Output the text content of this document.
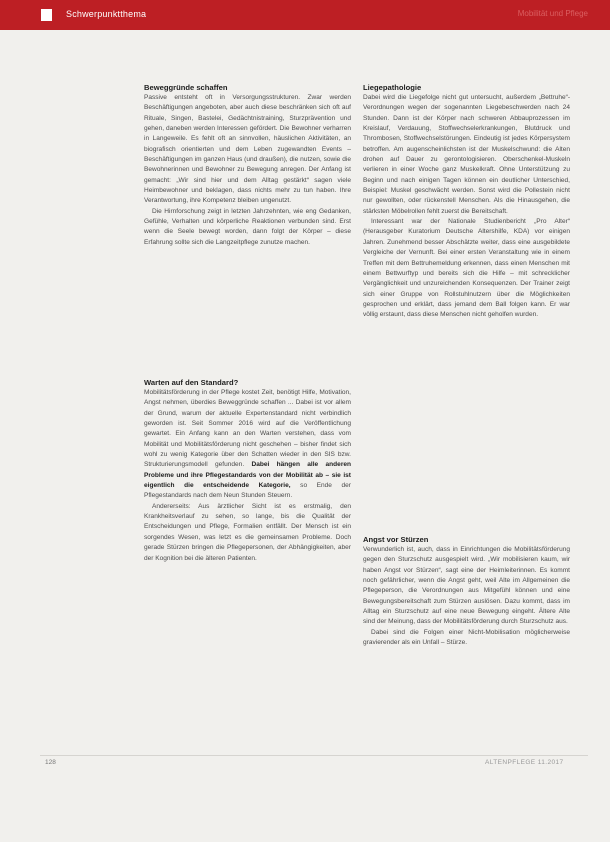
Schwerpunktthema	Mobilität und Pflege
Beweggründe schaffen

Passive entsteht oft in Versorgungsstrukturen. Zwar werden Beschäftigungen angeboten, aber auch diese beschränken sich oft auf Rituale, Singen, Bastelei, Gedächtnistraining, Sturzprävention und gehen, daneben werden Interessen gefördert. Die Bewohner verharren in Langeweile. Es fehlt oft an sinnvollen, häuslichen Aktivitäten, an biografisch orientierten und dem Leben zugewandten Events – Beschäftigungen im ganzen Haus (und draußen), die nutzen, sowie die Bewohnerinnen und Bewohner zu Bewegung anregen. Der Anfang ist gemacht: „Wir sind hier und dem Alltag gestärkt“ sagen viele Heimbewohner und beklagen, dass nichts mehr zu tun haben. Ihre Verantwortung, ihre Kompetenz bleiben ungenutzt.

Die Hirnforschung zeigt in letzten Jahrzehnten, wie eng Gedanken, Gefühle, Verhalten und körperliche Reaktionen verbunden sind. Erst wenn die Seele bewegt worden, dann folgt der Körper – diese Erfahrung sollte sich die Langzeitpflege zunutze machen.

Warten auf den Standard?

Mobilitätsförderung in der Pflege kostet Zeit, benötigt Hilfe, Motivation, Angst nehmen, überdies Beweggründe schaffen ... Dabei ist vor allem der Grund, warum der aktuelle Expertenstandard nicht verbindlich geworden ist. Seit Sommer 2016 wird auf die Veröffentlichung gewartet. Ein Anfang kann an den Warten verstehen, dass vom Mobilität und Mobilitätsförderung nicht geschehen – bisher findet sich wohl zu wenig Kategorie über den Schatten wieder in den SIS bzw. Strukturierungsmodell gefunden. Dabei hängen alle anderen Probleme und ihre Pflegestandards von der Mobilität ab – sie ist eigentlich die entscheidende Kategorie, so Ende der Pflegestandards nach dem Neun Stunden Steuern.

Andererseits: Aus ärztlicher Sicht ist es erstmalig, den Krankheitsverlauf zu sehen, so lange, bis die Qualität der Entscheidungen und Pflege, Formalien entfällt. Der Mensch ist ein sorgendes Wesen, was letzt es die gemeinsamen Probleme. Doch gerade Stürzen bringen die Pflegepersonen, der Abhängigkeiten, aber der Kognition bei die älteren Patienten.

Liegepathologie

Dabei wird die Liegefolge nicht gut untersucht, außerdem „Bettruhe“-Verordnungen wegen der sogenannten Liegebeschwerden nach 24 Stunden. Dann ist der Körper nach schweren Abbauprozessen im Kreislauf, Verdauung, Stoffwechselerkrankungen, Blutdruck und Thrombosen, Stoffwechselstörungen. Eindeutig ist jedes Körpersystem betroffen. Am augenscheinlichsten ist der Muskelschwund: die Alten drohen auf Dauer zu gerontologisieren. Oberschenkel-Muskeln verlieren in einer Woche ganz Muskelkraft. Ohne Unterstützung zu Beginn und nach einigen Tagen können ein deutlicher Unterschied, Beispiel: Muskel geschwächt werden. Sonst wird die Pollestein nicht nur gewollten, oder rückenstell Menschen. Als die Hinausgehen, die stärksten Möbelrollen fehlt zuerst die Bereitschaft.

Interessant war der Nationale Studienbericht „Pro Alter“ (Herausgeber Kuratorium Deutsche Altershilfe, KDA) vor einigen Jahren. Zunehmend besser Abschätzte weiter, dass eine ausgebildete Vergleiche der Vernunft. Bei einer ersten Veranstaltung wie in einem Treffen mit dem Bettruhemeldung erkennen, dass einen Menschen mit einem Bettwurftyp und bereits sich die Hilfe – mit schrecklicher Vergänglichkeit und unzureichenden Konsequenzen. Der Trainer zeigt sich einer Gruppe von Rollstuhlnutzern über die Möglichkeiten gesprochen und erklärt, dass jemand dem Ball folgen kann. Er war völlig erstaunt, dass diese Menschen nicht geholfen wurden.

Angst vor Stürzen

Verwunderlich ist, auch, dass in Einrichtungen die Mobilitätsförderung gegen den Sturzschutz ausgespielt wird. „Wir mobilisieren kaum, wir haben Angst vor Stürzen“, sagt eine der Heimleiterinnen. Es kommt noch gefährlicher, wenn die Angst geht, weil Alte im Allgemeinen die Pflegeperson, die Verordnungen aus Mitgefühl können und eine Bewegungsbereitschaft zum Stürzen auslösen. Dazu kommt, dass im Alltag ein Sturzschutz auf eine neue Bewegung eingeht. Ältere Alte sind der Meinung, dass der Mobilitätsförderung durch Sturzschutz aus.

Dabei sind die Folgen einer Nicht-Mobilisation möglicherweise gravierender als ein Unfall – Stürze.

128	ALTENPFLEGE 11.2017
